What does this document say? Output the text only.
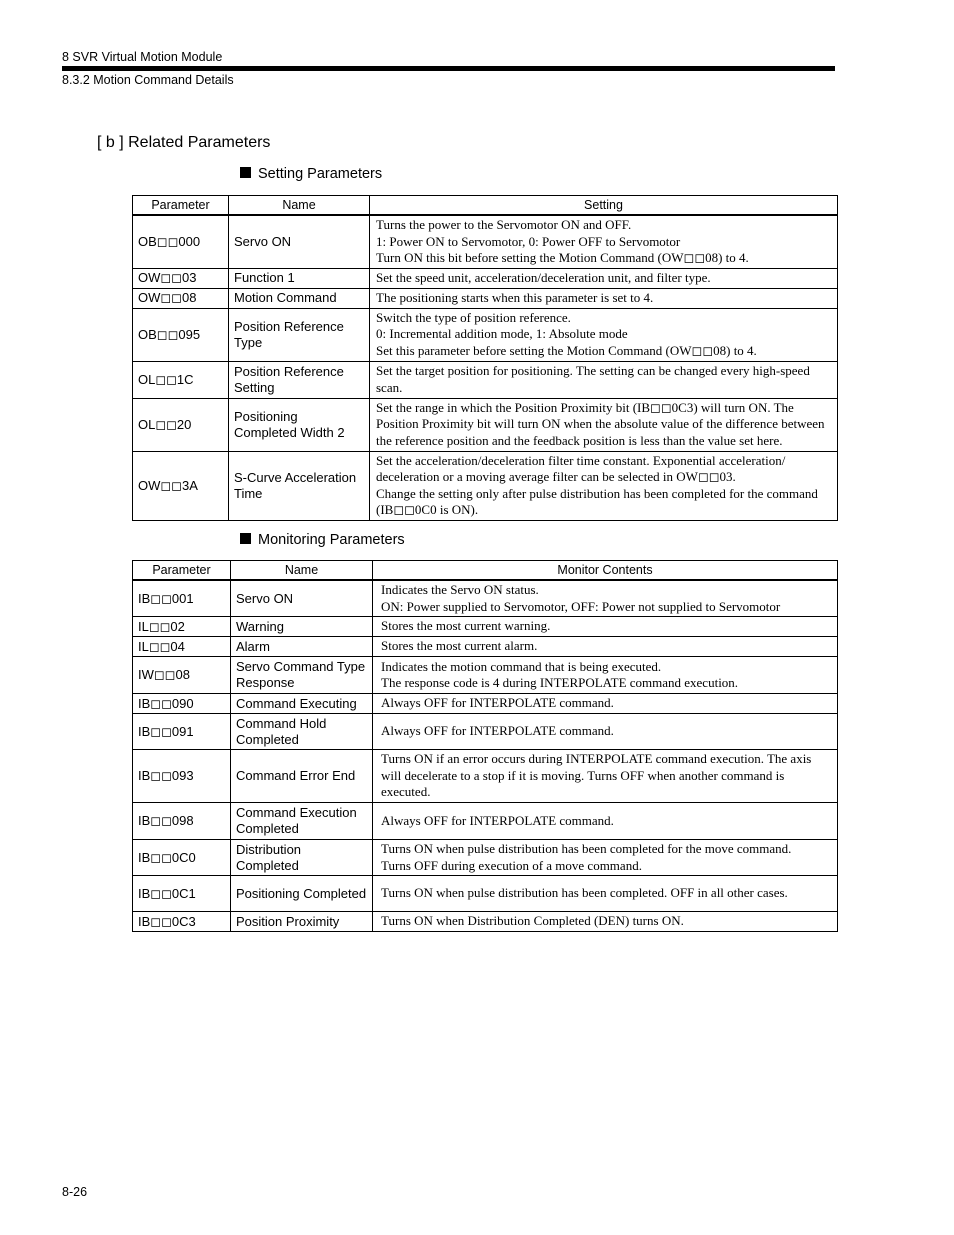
8 SVR Virtual Motion Module
8.3.2 Motion Command Details
[ b ] Related Parameters
Setting Parameters
Parameter	Name	Setting
OB◻◻000	Servo ON	Turns the power to the Servomotor ON and OFF.
1: Power ON to Servomotor, 0: Power OFF to Servomotor
Turn ON this bit before setting the Motion Command (OW◻◻08) to 4.
OW◻◻03	Function 1	Set the speed unit, acceleration/deceleration unit, and filter type.
OW◻◻08	Motion Command	The positioning starts when this parameter is set to 4.
OB◻◻095	Position Reference Type	Switch the type of position reference.
0: Incremental addition mode, 1: Absolute mode
Set this parameter before setting the Motion Command (OW◻◻08) to 4.
OL◻◻1C	Position Reference Setting	Set the target position for positioning. The setting can be changed every high-speed scan.
OL◻◻20	Positioning Completed Width 2	Set the range in which the Position Proximity bit (IB◻◻0C3) will turn ON. The Position Proximity bit will turn ON when the absolute value of the difference between the reference position and the feedback position is less than the value set here.
OW◻◻3A	S-Curve Acceleration Time	Set the acceleration/deceleration filter time constant. Exponential acceleration/ deceleration or a moving average filter can be selected in OW◻◻03.
Change the setting only after pulse distribution has been completed for the command (IB◻◻0C0 is ON).
Monitoring Parameters
Parameter	Name	Monitor Contents
IB◻◻001	Servo ON	Indicates the Servo ON status.
ON: Power supplied to Servomotor, OFF: Power not supplied to Servomotor
IL◻◻02	Warning	Stores the most current warning.
IL◻◻04	Alarm	Stores the most current alarm.
IW◻◻08	Servo Command Type Response	Indicates the motion command that is being executed.
The response code is 4 during INTERPOLATE command execution.
IB◻◻090	Command Executing	Always OFF for INTERPOLATE command.
IB◻◻091	Command Hold Completed	Always OFF for INTERPOLATE command.
IB◻◻093	Command Error End	Turns ON if an error occurs during INTERPOLATE command execution. The axis will decelerate to a stop if it is moving. Turns OFF when another command is executed.
IB◻◻098	Command Execution Completed	Always OFF for INTERPOLATE command.
IB◻◻0C0	Distribution Completed	Turns ON when pulse distribution has been completed for the move command.
Turns OFF during execution of a move command.
IB◻◻0C1	Positioning Completed	Turns ON when pulse distribution has been completed. OFF in all other cases.
IB◻◻0C3	Position Proximity	Turns ON when Distribution Completed (DEN) turns ON.
8-26
